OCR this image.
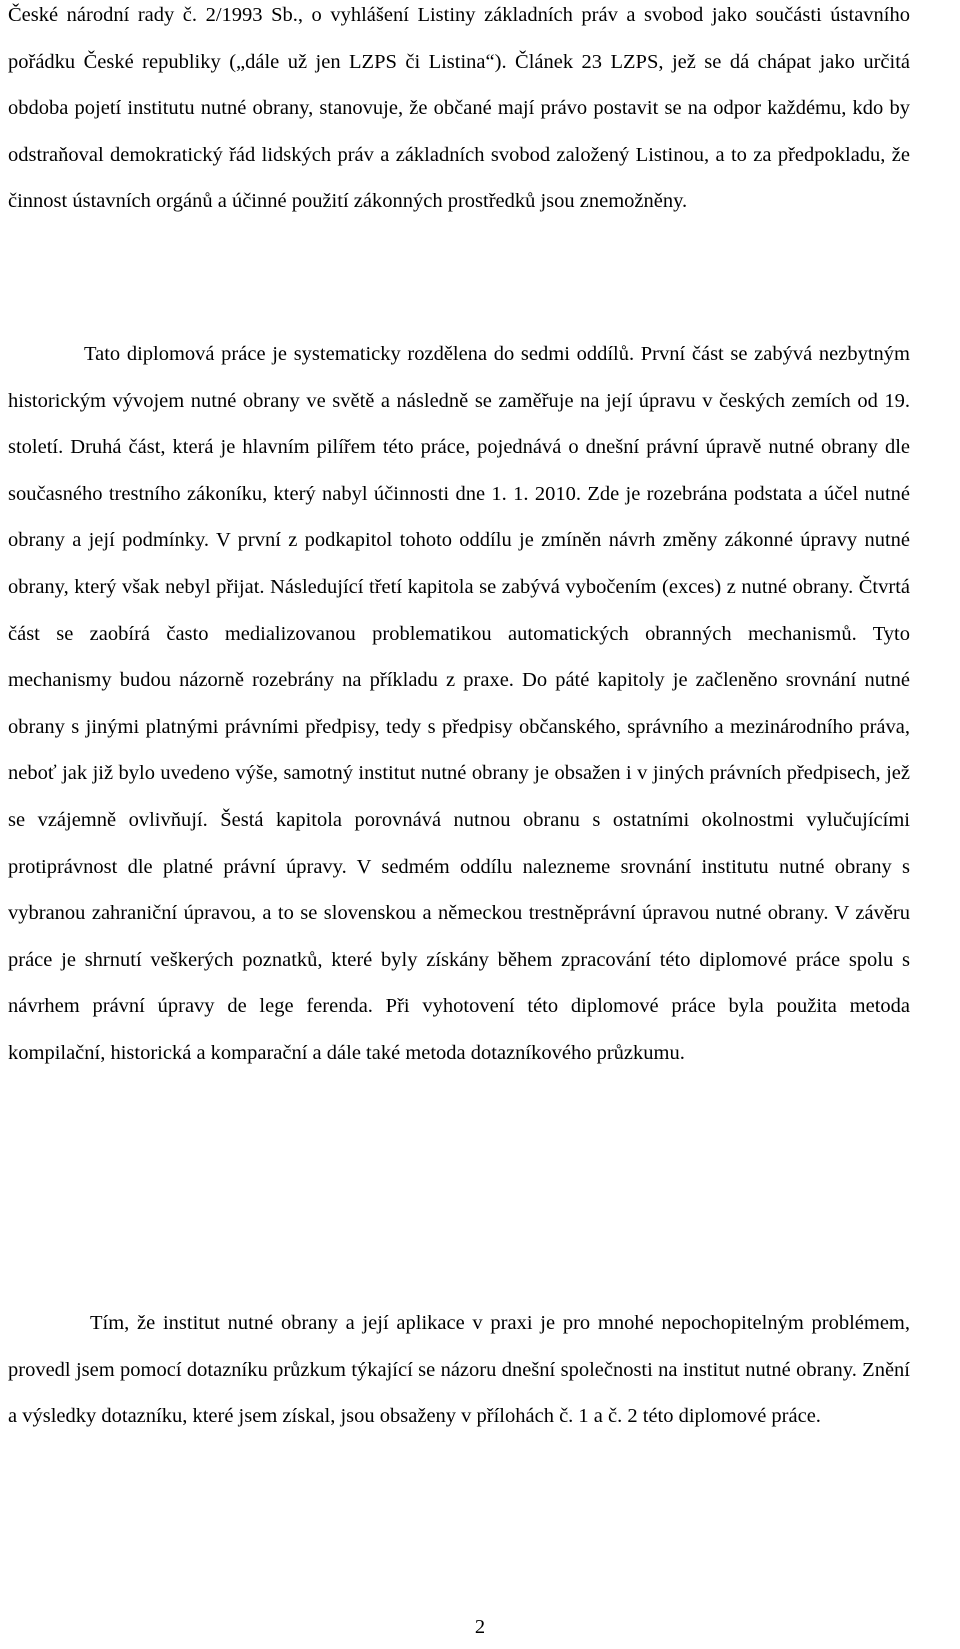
České národní rady č. 2/1993 Sb., o vyhlášení Listiny základních práv a svobod jako součásti ústavního pořádku České republiky („dále už jen LZPS či Listina“). Článek 23 LZPS, jež se dá chápat jako určitá obdoba pojetí institutu nutné obrany, stanovuje, že občané mají právo postavit se na odpor každému, kdo by odstraňoval demokratický řád lidských práv a základních svobod založený Listinou, a to za předpokladu, že činnost ústavních orgánů a účinné použití zákonných prostředků jsou znemožněny.

Tato diplomová práce je systematicky rozdělena do sedmi oddílů. První část se zabývá nezbytným historickým vývojem nutné obrany ve světě a následně se zaměřuje na její úpravu v českých zemích od 19. století. Druhá část, která je hlavním pilířem této práce, pojednává o dnešní právní úpravě nutné obrany dle současného trestního zákoníku, který nabyl účinnosti dne 1. 1. 2010. Zde je rozebrána podstata a účel nutné obrany a její podmínky. V první z podkapitol tohoto oddílu je zmíněn návrh změny zákonné úpravy nutné obrany, který však nebyl přijat. Následující třetí kapitola se zabývá vybočením (exces) z nutné obrany. Čtvrtá část se zaobírá často medializovanou problematikou automatických obranných mechanismů. Tyto mechanismy budou názorně rozebrány na příkladu z praxe. Do páté kapitoly je začleněno srovnání nutné obrany s jinými platnými právními předpisy, tedy s předpisy občanského, správního a mezinárodního práva, neboť jak již bylo uvedeno výše, samotný institut nutné obrany je obsažen i v jiných právních předpisech, jež se vzájemně ovlivňují. Šestá kapitola porovnává nutnou obranu s ostatními okolnostmi vylučujícími protiprávnost dle platné právní úpravy. V sedmém oddílu nalezneme srovnání institutu nutné obrany s vybranou zahraniční úpravou, a to se slovenskou a německou trestněprávní úpravou nutné obrany. V závěru práce je shrnutí veškerých poznatků, které byly získány během zpracování této diplomové práce spolu s návrhem právní úpravy de lege ferenda. Při vyhotovení této diplomové práce byla použita metoda kompilační, historická a komparační a dále také metoda dotazníkového průzkumu.

Tím, že institut nutné obrany a její aplikace v praxi je pro mnohé nepochopitelným problémem, provedl jsem pomocí dotazníku průzkum týkající se názoru dnešní společnosti na institut nutné obrany. Znění a výsledky dotazníku, které jsem získal, jsou obsaženy v přílohách č. 1 a č. 2 této diplomové práce.

2
